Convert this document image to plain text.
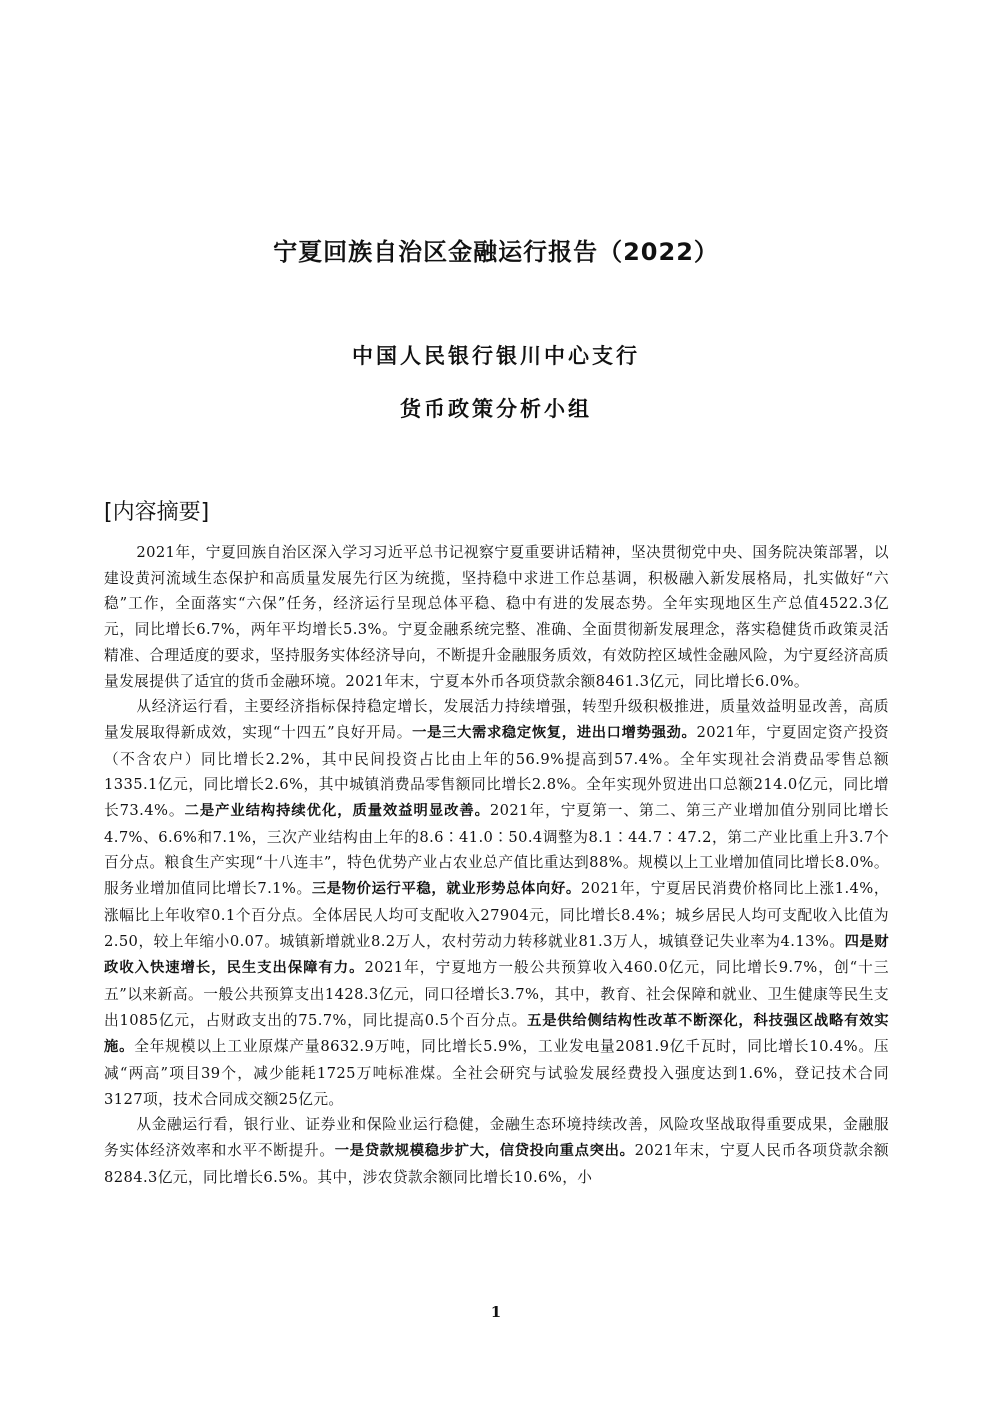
宁夏回族自治区金融运行报告（2022）
中国人民银行银川中心支行
货币政策分析小组
[内容摘要]

2021年，宁夏回族自治区深入学习习近平总书记视察宁夏重要讲话精神，坚决贯彻党中央、国务院决策部署，以建设黄河流域生态保护和高质量发展先行区为统揽，坚持稳中求进工作总基调，积极融入新发展格局，扎实做好“六稳”工作，全面落实“六保”任务，经济运行呈现总体平稳、稳中有进的发展态势。全年实现地区生产总值4522.3亿元，同比增长6.7%，两年平均增长5.3%。宁夏金融系统完整、准确、全面贯彻新发展理念，落实稳健货币政策灵活精准、合理适度的要求，坚持服务实体经济导向，不断提升金融服务质效，有效防控区域性金融风险，为宁夏经济高质量发展提供了适宜的货币金融环境。2021年末，宁夏本外币各项贷款余额8461.3亿元，同比增长6.0%。

从经济运行看，主要经济指标保持稳定增长，发展活力持续增强，转型升级积极推进，质量效益明显改善，高质量发展取得新成效，实现“十四五”良好开局。一是三大需求稳定恢复，进出口增势强劲。2021年，宁夏固定资产投资（不含农户）同比增长2.2%，其中民间投资占比由上年的56.9%提高到57.4%。全年实现社会消费品零售总额1335.1亿元，同比增长2.6%，其中城镇消费品零售额同比增长2.8%。全年实现外贸进出口总额214.0亿元，同比增长73.4%。二是产业结构持续优化，质量效益明显改善。2021年，宁夏第一、第二、第三产业增加值分别同比增长4.7%、6.6%和7.1%，三次产业结构由上年的8.6∶41.0∶50.4调整为8.1∶44.7∶47.2，第二产业比重上升3.7个百分点。粮食生产实现“十八连丰”，特色优势产业占农业总产值比重达到88%。规模以上工业增加值同比增长8.0%。服务业增加值同比增长7.1%。三是物价运行平稳，就业形势总体向好。2021年，宁夏居民消费价格同比上涨1.4%，涨幅比上年收窄0.1个百分点。全体居民人均可支配收入27904元，同比增长8.4%；城乡居民人均可支配收入比值为2.50，较上年缩小0.07。城镇新增就业8.2万人，农村劳动力转移就业81.3万人，城镇登记失业率为4.13%。四是财政收入快速增长，民生支出保障有力。2021年，宁夏地方一般公共预算收入460.0亿元，同比增长9.7%，创“十三五”以来新高。一般公共预算支出1428.3亿元，同口径增长3.7%，其中，教育、社会保障和就业、卫生健康等民生支出1085亿元，占财政支出的75.7%，同比提高0.5个百分点。五是供给侧结构性改革不断深化，科技强区战略有效实施。全年规模以上工业原煤产量8632.9万吨，同比增长5.9%，工业发电量2081.9亿千瓦时，同比增长10.4%。压减“两高”项目39个，减少能耗1725万吨标准煤。全社会研究与试验发展经费投入强度达到1.6%，登记技术合同3127项，技术合同成交额25亿元。

从金融运行看，银行业、证券业和保险业运行稳健，金融生态环境持续改善，风险攻坚战取得重要成果，金融服务实体经济效率和水平不断提升。一是贷款规模稳步扩大，信贷投向重点突出。2021年末，宁夏人民币各项贷款余额8284.3亿元，同比增长6.5%。其中，涉农贷款余额同比增长10.6%，小

1
